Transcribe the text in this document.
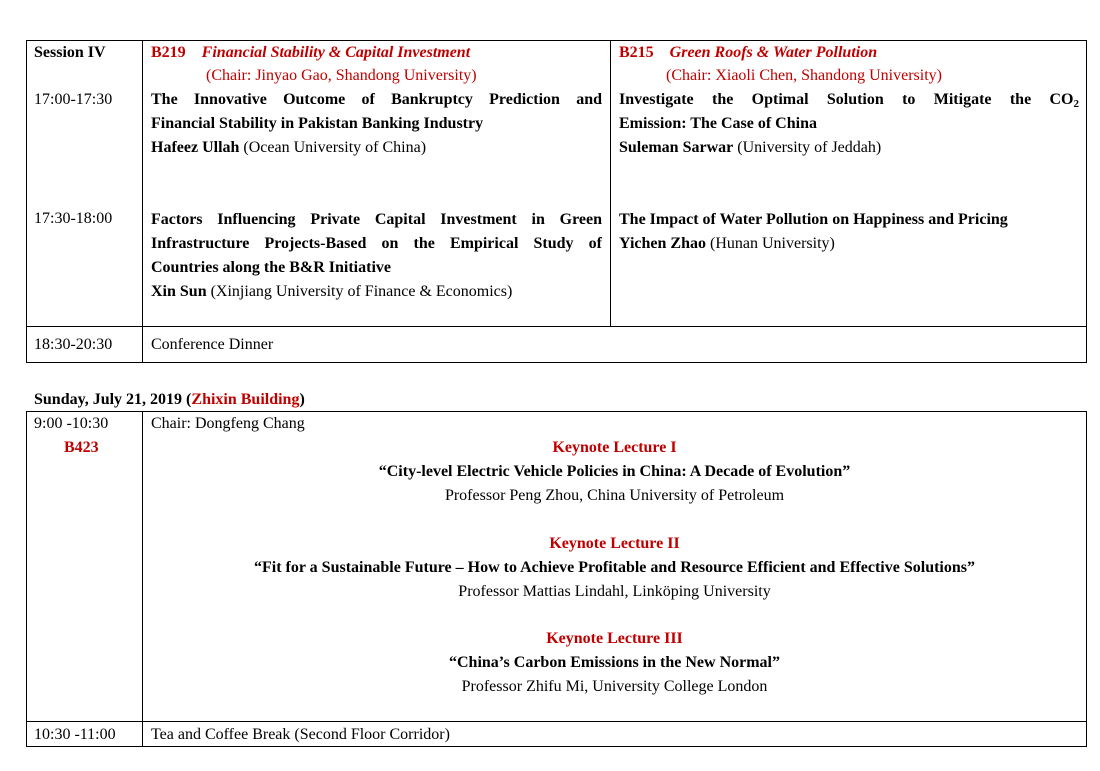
Session IV	B219 Financial Stability & Capital Investment
(Chair: Jinyao Gao, Shandong University)
B215 Green Roofs & Water Pollution
(Chair: Xiaoli Chen, Shandong University)
17:00-17:30 The Innovative Outcome of Bankruptcy Prediction and
Financial Stability in Pakistan Banking Industry
Hafeez Ullah (Ocean University of China)
Investigate the Optimal Solution to Mitigate the $CO_2$
Emission: The Case of China
Suleman Sarwar (University of Jeddah)
17:30-18:00 Factors Influencing Private Capital Investment in Green
Infrastructure Projects-Based on the Empirical Study of
Countries along the B&R Initiative
Xin Sun (Xinjiang University of Finance & Economics)
The Impact of Water Pollution on Happiness and Pricing
Yichen Zhao (Hunan University)
18:30-20:30 Conference Dinner
Sunday, July 21, 2019 (Zhixin Building)
9:00 -10:30
B423
Chair: Dongfeng Chang
Keynote Lecture I
“City-level Electric Vehicle Policies in China: A Decade of Evolution”
Professor Peng Zhou, China University of Petroleum
Keynote Lecture II
“Fit for a Sustainable Future – How to Achieve Profitable and Resource Efficient and Effective Solutions”
Professor Mattias Lindahl, Linköping University
Keynote Lecture III
“China’s Carbon Emissions in the New Normal”
Professor Zhifu Mi, University College London
10:30 -11:00 Tea and Coffee Break (Second Floor Corridor)
